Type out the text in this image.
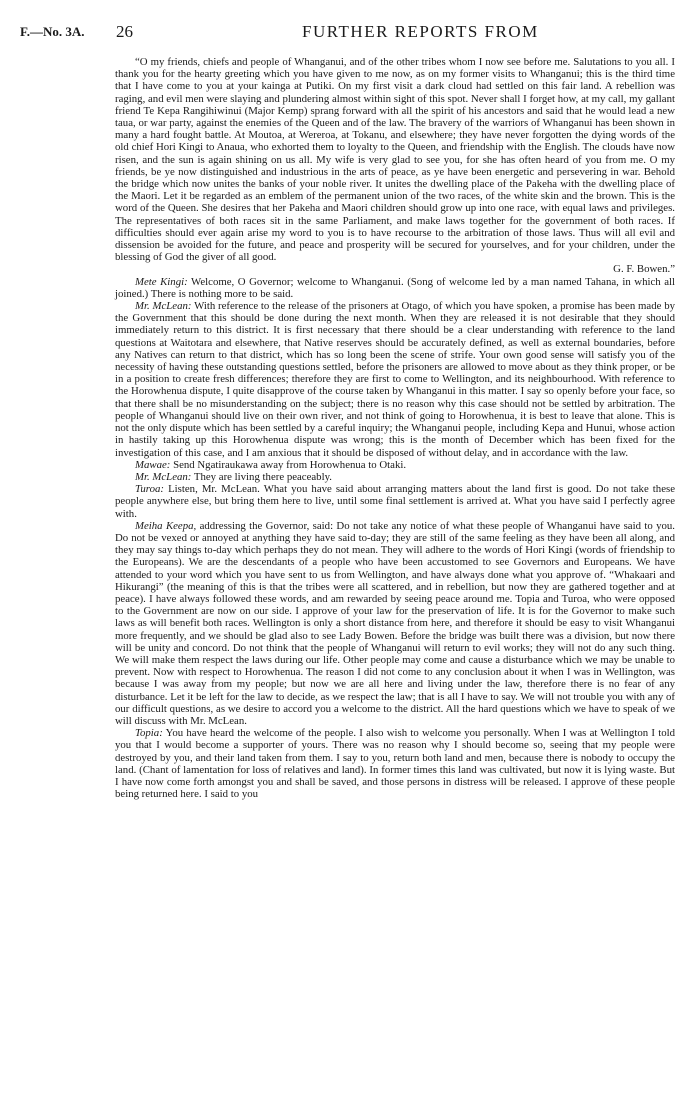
F.—No. 3A. 26	FURTHER REPORTS FROM

“O my friends, chiefs and people of Whanganui, and of the other tribes whom I now see before me. Salutations to you all. I thank you for the hearty greeting which you have given to me now, as on my former visits to Whanganui; this is the third time that I have come to you at your kainga at Putiki. On my first visit a dark cloud had settled on this fair land. A rebellion was raging, and evil men were slaying and plundering almost within sight of this spot. Never shall I forget how, at my call, my gallant friend Te Kepa Rangihiwinui (Major Kemp) sprang forward with all the spirit of his ancestors and said that he would lead a new taua, or war party, against the enemies of the Queen and of the law. The bravery of the warriors of Whanganui has been shown in many a hard fought battle. At Moutoa, at Wereroa, at Tokanu, and elsewhere; they have never forgotten the dying words of the old chief Hori Kingi to Anaua, who exhorted them to loyalty to the Queen, and friendship with the English. The clouds have now risen, and the sun is again shining on us all. My wife is very glad to see you, for she has often heard of you from me. O my friends, be ye now distinguished and industrious in the arts of peace, as ye have been energetic and persevering in war. Behold the bridge which now unites the banks of your noble river. It unites the dwelling place of the Pakeha with the dwelling place of the Maori. Let it be regarded as an emblem of the permanent union of the two races, of the white skin and the brown. This is the word of the Queen. She desires that her Pakeha and Maori children should grow up into one race, with equal laws and privileges. The representatives of both races sit in the same Parliament, and make laws together for the government of both races. If difficulties should ever again arise my word to you is to have recourse to the arbitration of those laws. Thus will all evil and dissension be avoided for the future, and peace and prosperity will be secured for yourselves, and for your children, under the blessing of God the giver of all good.

G. F. Bowen.”

Mete Kingi: Welcome, O Governor; welcome to Whanganui. (Song of welcome led by a man named Tahana, in which all joined.) There is nothing more to be said.

Mr. McLean: With reference to the release of the prisoners at Otago, of which you have spoken, a promise has been made by the Government that this should be done during the next month. When they are released it is not desirable that they should immediately return to this district. It is first necessary that there should be a clear understanding with reference to the land questions at Waitotara and elsewhere, that Native reserves should be accurately defined, as well as external boundaries, before any Natives can return to that district, which has so long been the scene of strife. Your own good sense will satisfy you of the necessity of having these outstanding questions settled, before the prisoners are allowed to move about as they think proper, or be in a position to create fresh differences; therefore they are first to come to Wellington, and its neighbourhood. With reference to the Horowhenua dispute, I quite disapprove of the course taken by Whanganui in this matter. I say so openly before your face, so that there shall be no misunderstanding on the subject; there is no reason why this case should not be settled by arbitration. The people of Whanganui should live on their own river, and not think of going to Horowhenua, it is best to leave that alone. This is not the only dispute which has been settled by a careful inquiry; the Whanganui people, including Kepa and Hunui, whose action in hastily taking up this Horowhenua dispute was wrong; this is the month of December which has been fixed for the investigation of this case, and I am anxious that it should be disposed of without delay, and in accordance with the law.

Mawae: Send Ngatiraukawa away from Horowhenua to Otaki.

Mr. McLean: They are living there peaceably.

Turoa: Listen, Mr. McLean. What you have said about arranging matters about the land first is good. Do not take these people anywhere else, but bring them here to live, until some final settlement is arrived at. What you have said I perfectly agree with.

Meiha Keepa, addressing the Governor, said: Do not take any notice of what these people of Whanganui have said to you. Do not be vexed or annoyed at anything they have said to-day; they are still of the same feeling as they have been all along, and they may say things to-day which perhaps they do not mean. They will adhere to the words of Hori Kingi (words of friendship to the Europeans). We are the descendants of a people who have been accustomed to see Governors and Europeans. We have attended to your word which you have sent to us from Wellington, and have always done what you approve of. “Whakaari and Hikurangi” (the meaning of this is that the tribes were all scattered, and in rebellion, but now they are gathered together and at peace). I have always followed these words, and am rewarded by seeing peace around me. Topia and Turoa, who were opposed to the Government are now on our side. I approve of your law for the preservation of life. It is for the Governor to make such laws as will benefit both races. Wellington is only a short distance from here, and therefore it should be easy to visit Whanganui more frequently, and we should be glad also to see Lady Bowen. Before the bridge was built there was a division, but now there will be unity and concord. Do not think that the people of Whanganui will return to evil works; they will not do any such thing. We will make them respect the laws during our life. Other people may come and cause a disturbance which we may be unable to prevent. Now with respect to Horowhenua. The reason I did not come to any conclusion about it when I was in Wellington, was because I was away from my people; but now we are all here and living under the law, therefore there is no fear of any disturbance. Let it be left for the law to decide, as we respect the law; that is all I have to say. We will not trouble you with any of our difficult questions, as we desire to accord you a welcome to the district. All the hard questions which we have to speak of we will discuss with Mr. McLean.

Topia: You have heard the welcome of the people. I also wish to welcome you personally. When I was at Wellington I told you that I would become a supporter of yours. There was no reason why I should become so, seeing that my people were destroyed by you, and their land taken from them. I say to you, return both land and men, because there is nobody to occupy the land. (Chant of lamentation for loss of relatives and land). In former times this land was cultivated, but now it is lying waste. But I have now come forth amongst you and shall be saved, and those persons in distress will be released. I approve of these people being returned here. I said to you
